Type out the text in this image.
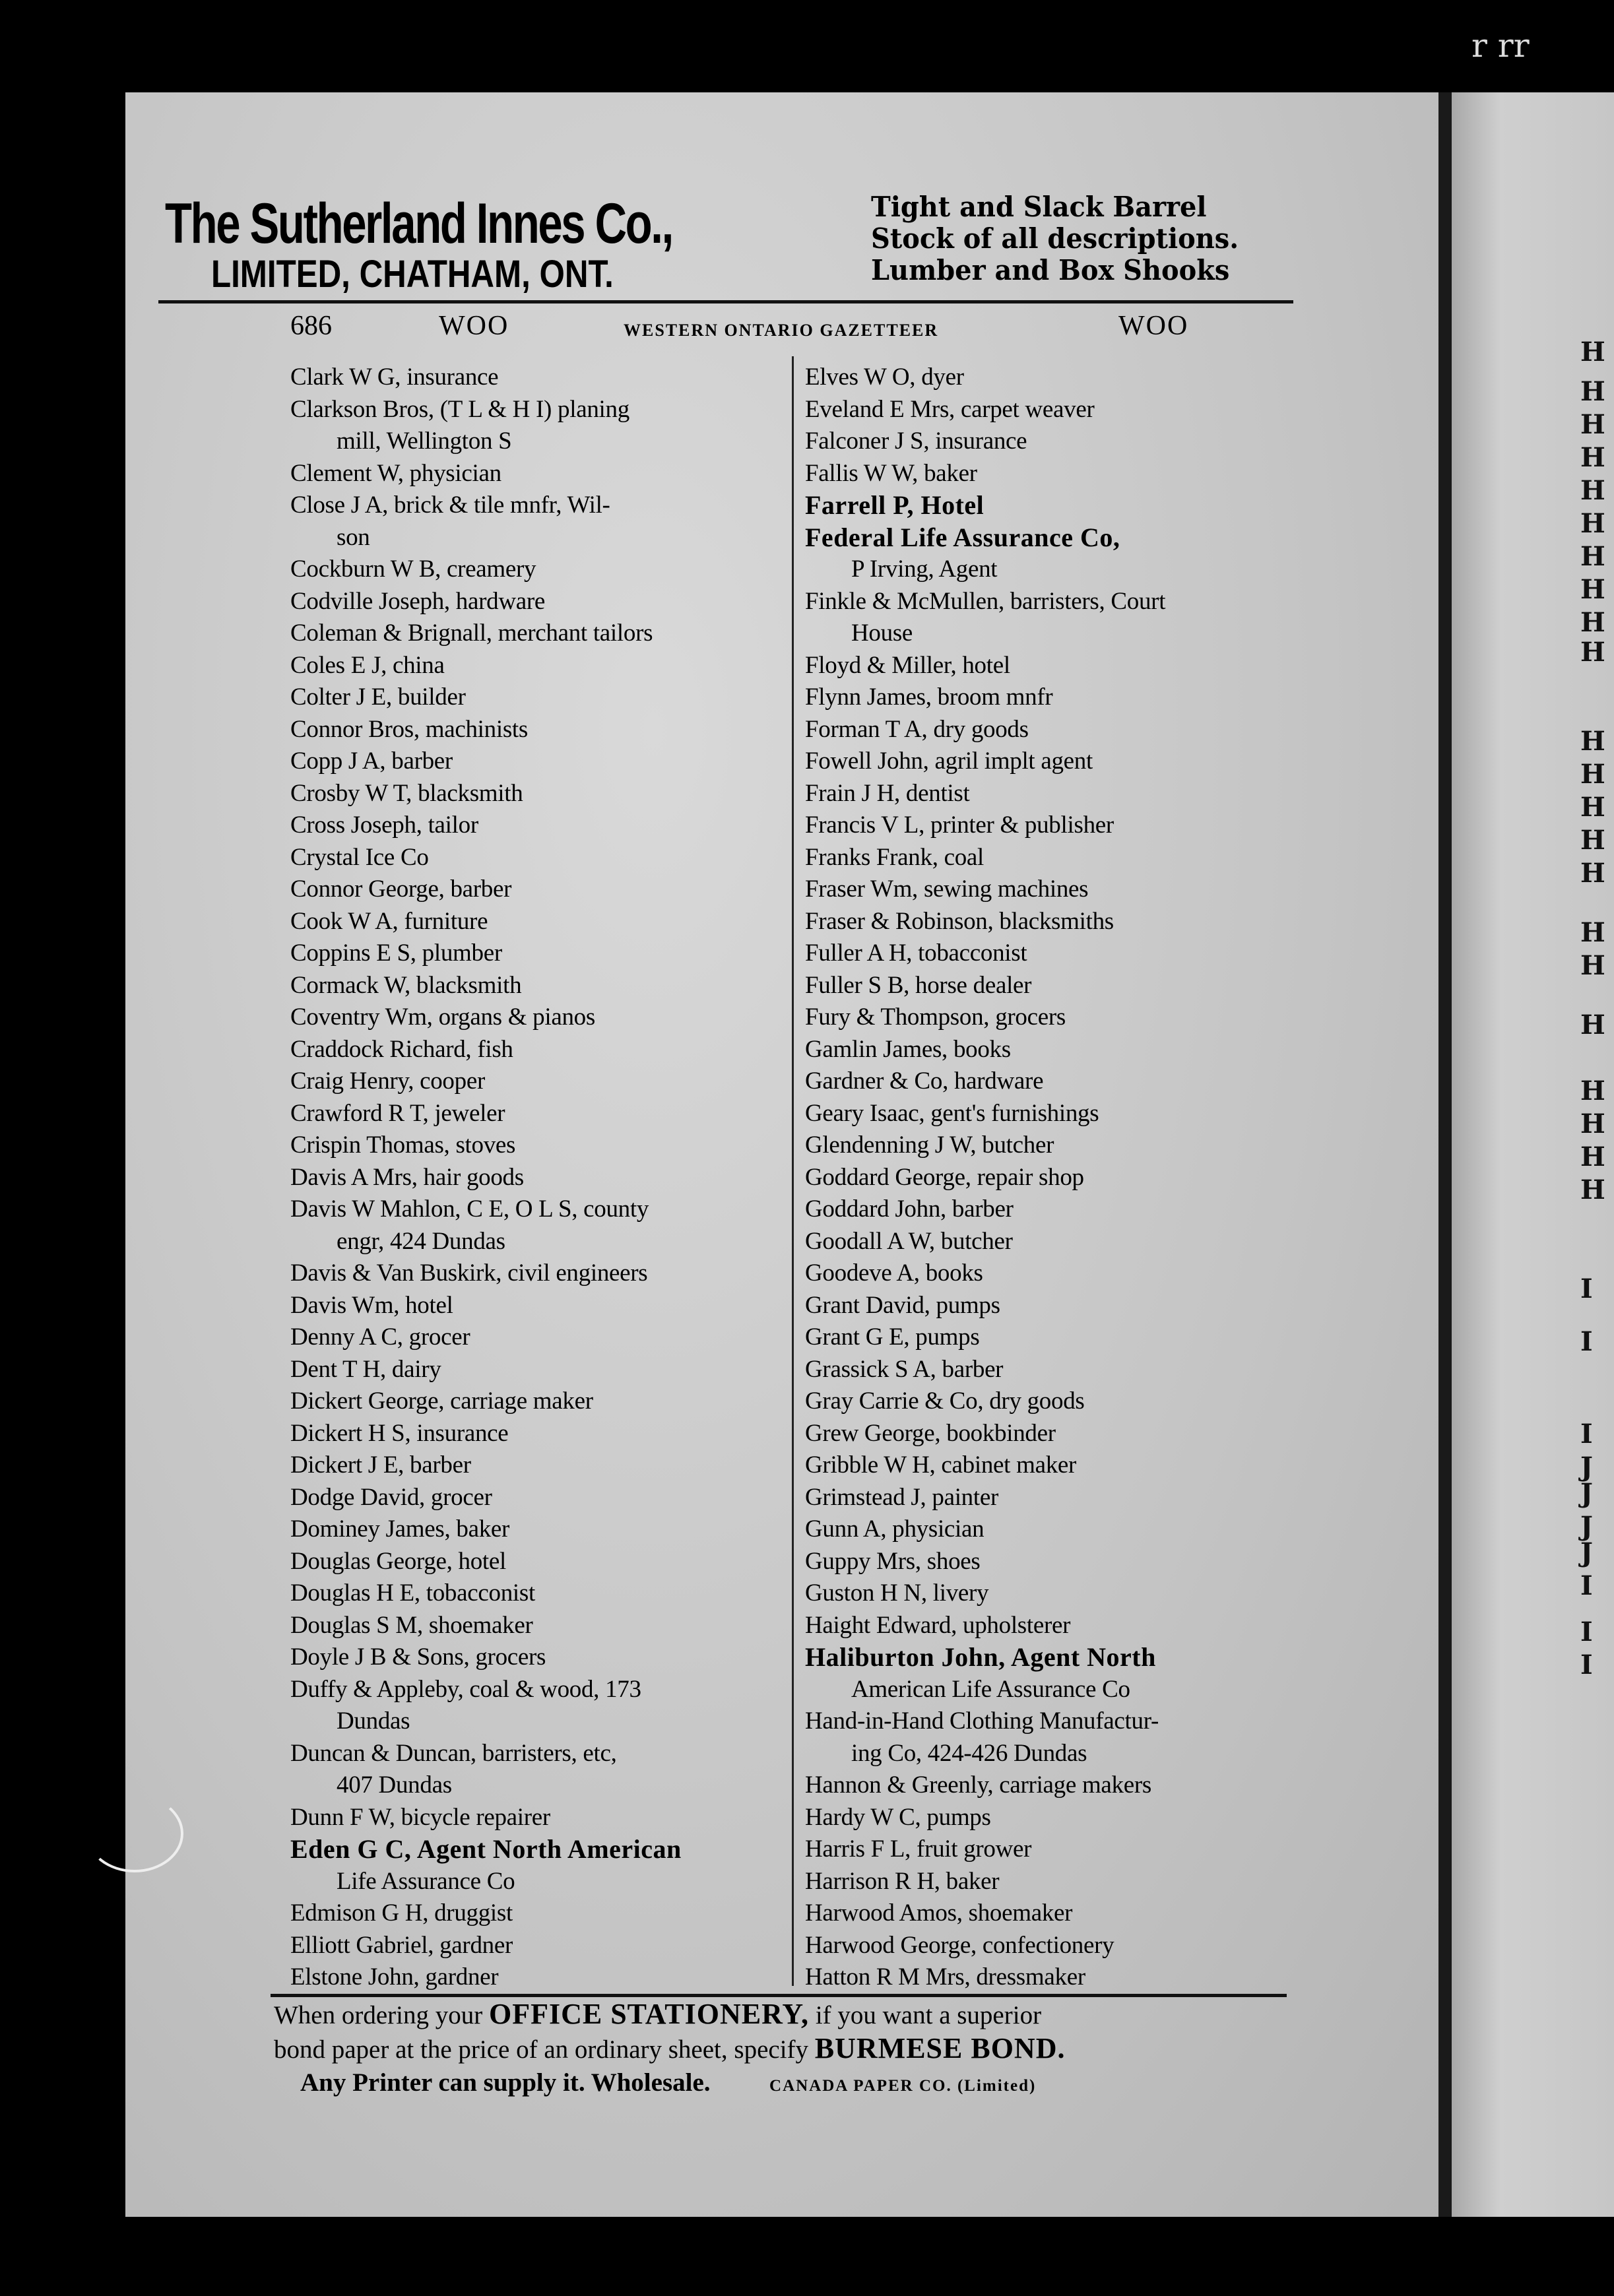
r rr
H
H
H
H
H
H
H
H
H
H
H
H
H
H
H
H
H
H
H
H
H
H
I
I
I
J
J
J
J
I
I
I
The Sutherland Innes Co.,
LIMITED, CHATHAM, ONT.
Tight and Slack Barrel
Stock of all descriptions.
Lumber and Box Shooks
686	WOO	WESTERN ONTARIO GAZETTEER	WOO
Clark W G, insurance
Clarkson Bros, (T L & H I) planing
mill, Wellington S
Clement W, physician
Close J A, brick & tile mnfr, Wil-
son
Cockburn W B, creamery
Codville Joseph, hardware
Coleman & Brignall, merchant tailors
Coles E J, china
Colter J E, builder
Connor Bros, machinists
Copp J A, barber
Crosby W T, blacksmith
Cross Joseph, tailor
Crystal Ice Co
Connor George, barber
Cook W A, furniture
Coppins E S, plumber
Cormack W, blacksmith
Coventry Wm, organs & pianos
Craddock Richard, fish
Craig Henry, cooper
Crawford R T, jeweler
Crispin Thomas, stoves
Davis A Mrs, hair goods
Davis W Mahlon, C E, O L S, county
engr, 424 Dundas
Davis & Van Buskirk, civil engineers
Davis Wm, hotel
Denny A C, grocer
Dent T H, dairy
Dickert George, carriage maker
Dickert H S, insurance
Dickert J E, barber
Dodge David, grocer
Dominey James, baker
Douglas George, hotel
Douglas H E, tobacconist
Douglas S M, shoemaker
Doyle J B & Sons, grocers
Duffy & Appleby, coal & wood, 173
Dundas
Duncan & Duncan, barristers, etc,
407 Dundas
Dunn F W, bicycle repairer
Eden G C, Agent North American
Life Assurance Co
Edmison G H, druggist
Elliott Gabriel, gardner
Elstone John, gardner
Elves W O, dyer
Eveland E Mrs, carpet weaver
Falconer J S, insurance
Fallis W W, baker
Farrell P, Hotel
Federal Life Assurance Co,
P Irving, Agent
Finkle & McMullen, barristers, Court
House
Floyd & Miller, hotel
Flynn James, broom mnfr
Forman T A, dry goods
Fowell John, agril implt agent
Frain J H, dentist
Francis V L, printer & publisher
Franks Frank, coal
Fraser Wm, sewing machines
Fraser & Robinson, blacksmiths
Fuller A H, tobacconist
Fuller S B, horse dealer
Fury & Thompson, grocers
Gamlin James, books
Gardner & Co, hardware
Geary Isaac, gent's furnishings
Glendenning J W, butcher
Goddard George, repair shop
Goddard John, barber
Goodall A W, butcher
Goodeve A, books
Grant David, pumps
Grant G E, pumps
Grassick S A, barber
Gray Carrie & Co, dry goods
Grew George, bookbinder
Gribble W H, cabinet maker
Grimstead J, painter
Gunn A, physician
Guppy Mrs, shoes
Guston H N, livery
Haight Edward, upholsterer
Haliburton John, Agent North
American Life Assurance Co
Hand-in-Hand Clothing Manufactur-
ing Co, 424-426 Dundas
Hannon & Greenly, carriage makers
Hardy W C, pumps
Harris F L, fruit grower
Harrison R H, baker
Harwood Amos, shoemaker
Harwood George, confectionery
Hatton R M Mrs, dressmaker
When ordering your OFFICE STATIONERY, if you want a superior
bond paper at the price of an ordinary sheet, specify BURMESE BOND.
Any Printer can supply it. Wholesale.	CANADA PAPER CO. (Limited)
